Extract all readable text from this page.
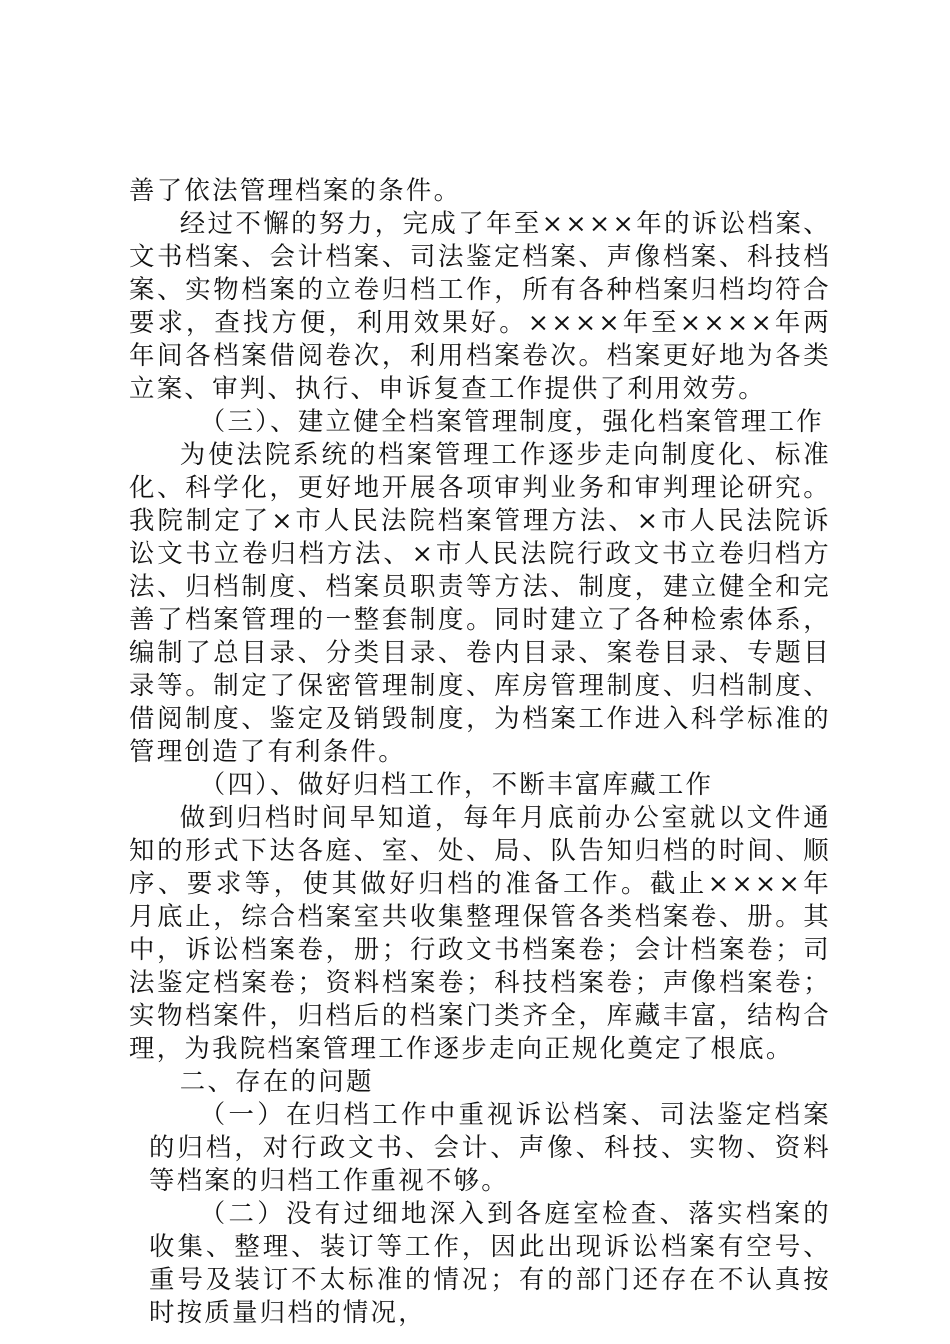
善了依法管理档案的条件。

经过不懈的努力，完成了年至××××年的诉讼档案、文书档案、会计档案、司法鉴定档案、声像档案、科技档案、实物档案的立卷归档工作，所有各种档案归档均符合要求，查找方便，利用效果好。××××年至××××年两年间各档案借阅卷次，利用档案卷次。档案更好地为各类立案、审判、执行、申诉复查工作提供了利用效劳。

（三）、建立健全档案管理制度，强化档案管理工作

为使法院系统的档案管理工作逐步走向制度化、标准化、科学化，更好地开展各项审判业务和审判理论研究。我院制定了×市人民法院档案管理方法、×市人民法院诉讼文书立卷归档方法、×市人民法院行政文书立卷归档方法、归档制度、档案员职责等方法、制度，建立健全和完善了档案管理的一整套制度。同时建立了各种检索体系，编制了总目录、分类目录、卷内目录、案卷目录、专题目录等。制定了保密管理制度、库房管理制度、归档制度、借阅制度、鉴定及销毁制度，为档案工作进入科学标准的管理创造了有利条件。

（四）、做好归档工作，不断丰富库藏工作

做到归档时间早知道，每年月底前办公室就以文件通知的形式下达各庭、室、处、局、队告知归档的时间、顺序、要求等，使其做好归档的准备工作。截止××××年月底止，综合档案室共收集整理保管各类档案卷、册。其中，诉讼档案卷，册；行政文书档案卷；会计档案卷；司法鉴定档案卷；资料档案卷；科技档案卷；声像档案卷；实物档案件，归档后的档案门类齐全，库藏丰富，结构合理，为我院档案管理工作逐步走向正规化奠定了根底。

二、存在的问题

（一）在归档工作中重视诉讼档案、司法鉴定档案的归档，对行政文书、会计、声像、科技、实物、资料等档案的归档工作重视不够。

（二）没有过细地深入到各庭室检查、落实档案的收集、整理、装订等工作，因此出现诉讼档案有空号、重号及装订不太标准的情况；有的部门还存在不认真按时按质量归档的情况，
